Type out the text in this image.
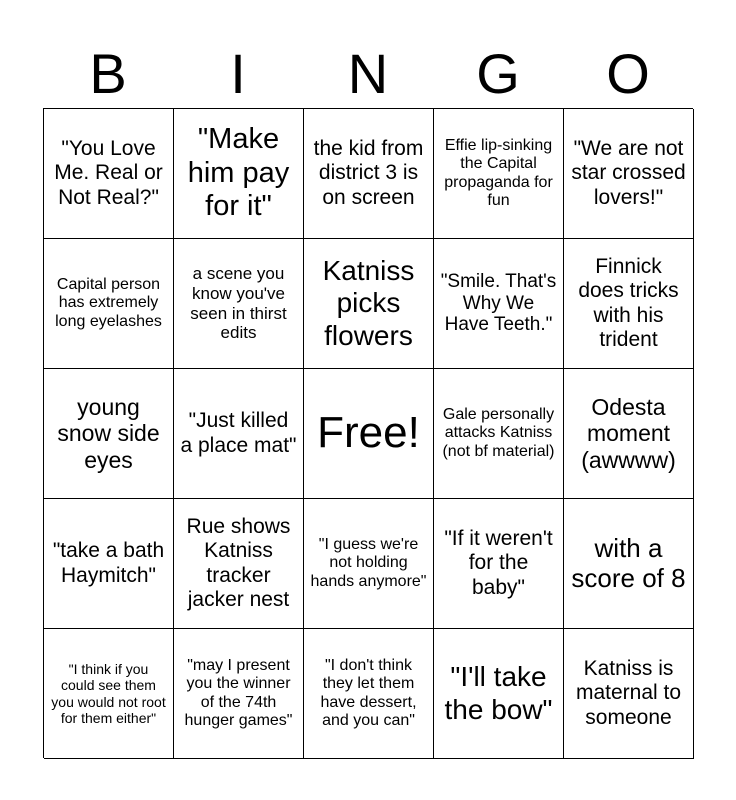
B	I	N	G	O
"You Love Me. Real or Not Real?"
"Make him pay for it"
the kid from district 3 is on screen
Effie lip-sinking the Capital propaganda for fun
"We are not star crossed lovers!"
Capital person has extremely long eyelashes
a scene you know you've seen in thirst edits
Katniss picks flowers
"Smile. That's Why We Have Teeth."
Finnick does tricks with his trident
young snow side eyes
"Just killed a place mat" Free! Gale personally attacks Katniss (not bf material)
Odesta moment (awwww)
"take a bath Haymitch"
Rue shows Katniss tracker jacker nest
"I guess we're not holding hands anymore"
"If it weren't for the baby"
with a score of 8
"I think if you could see them you would not root for them either"
"may I present you the winner of the 74th hunger games"
"I don't think they let them have dessert, and you can"
"I'll take the bow"
Katniss is maternal to someone
